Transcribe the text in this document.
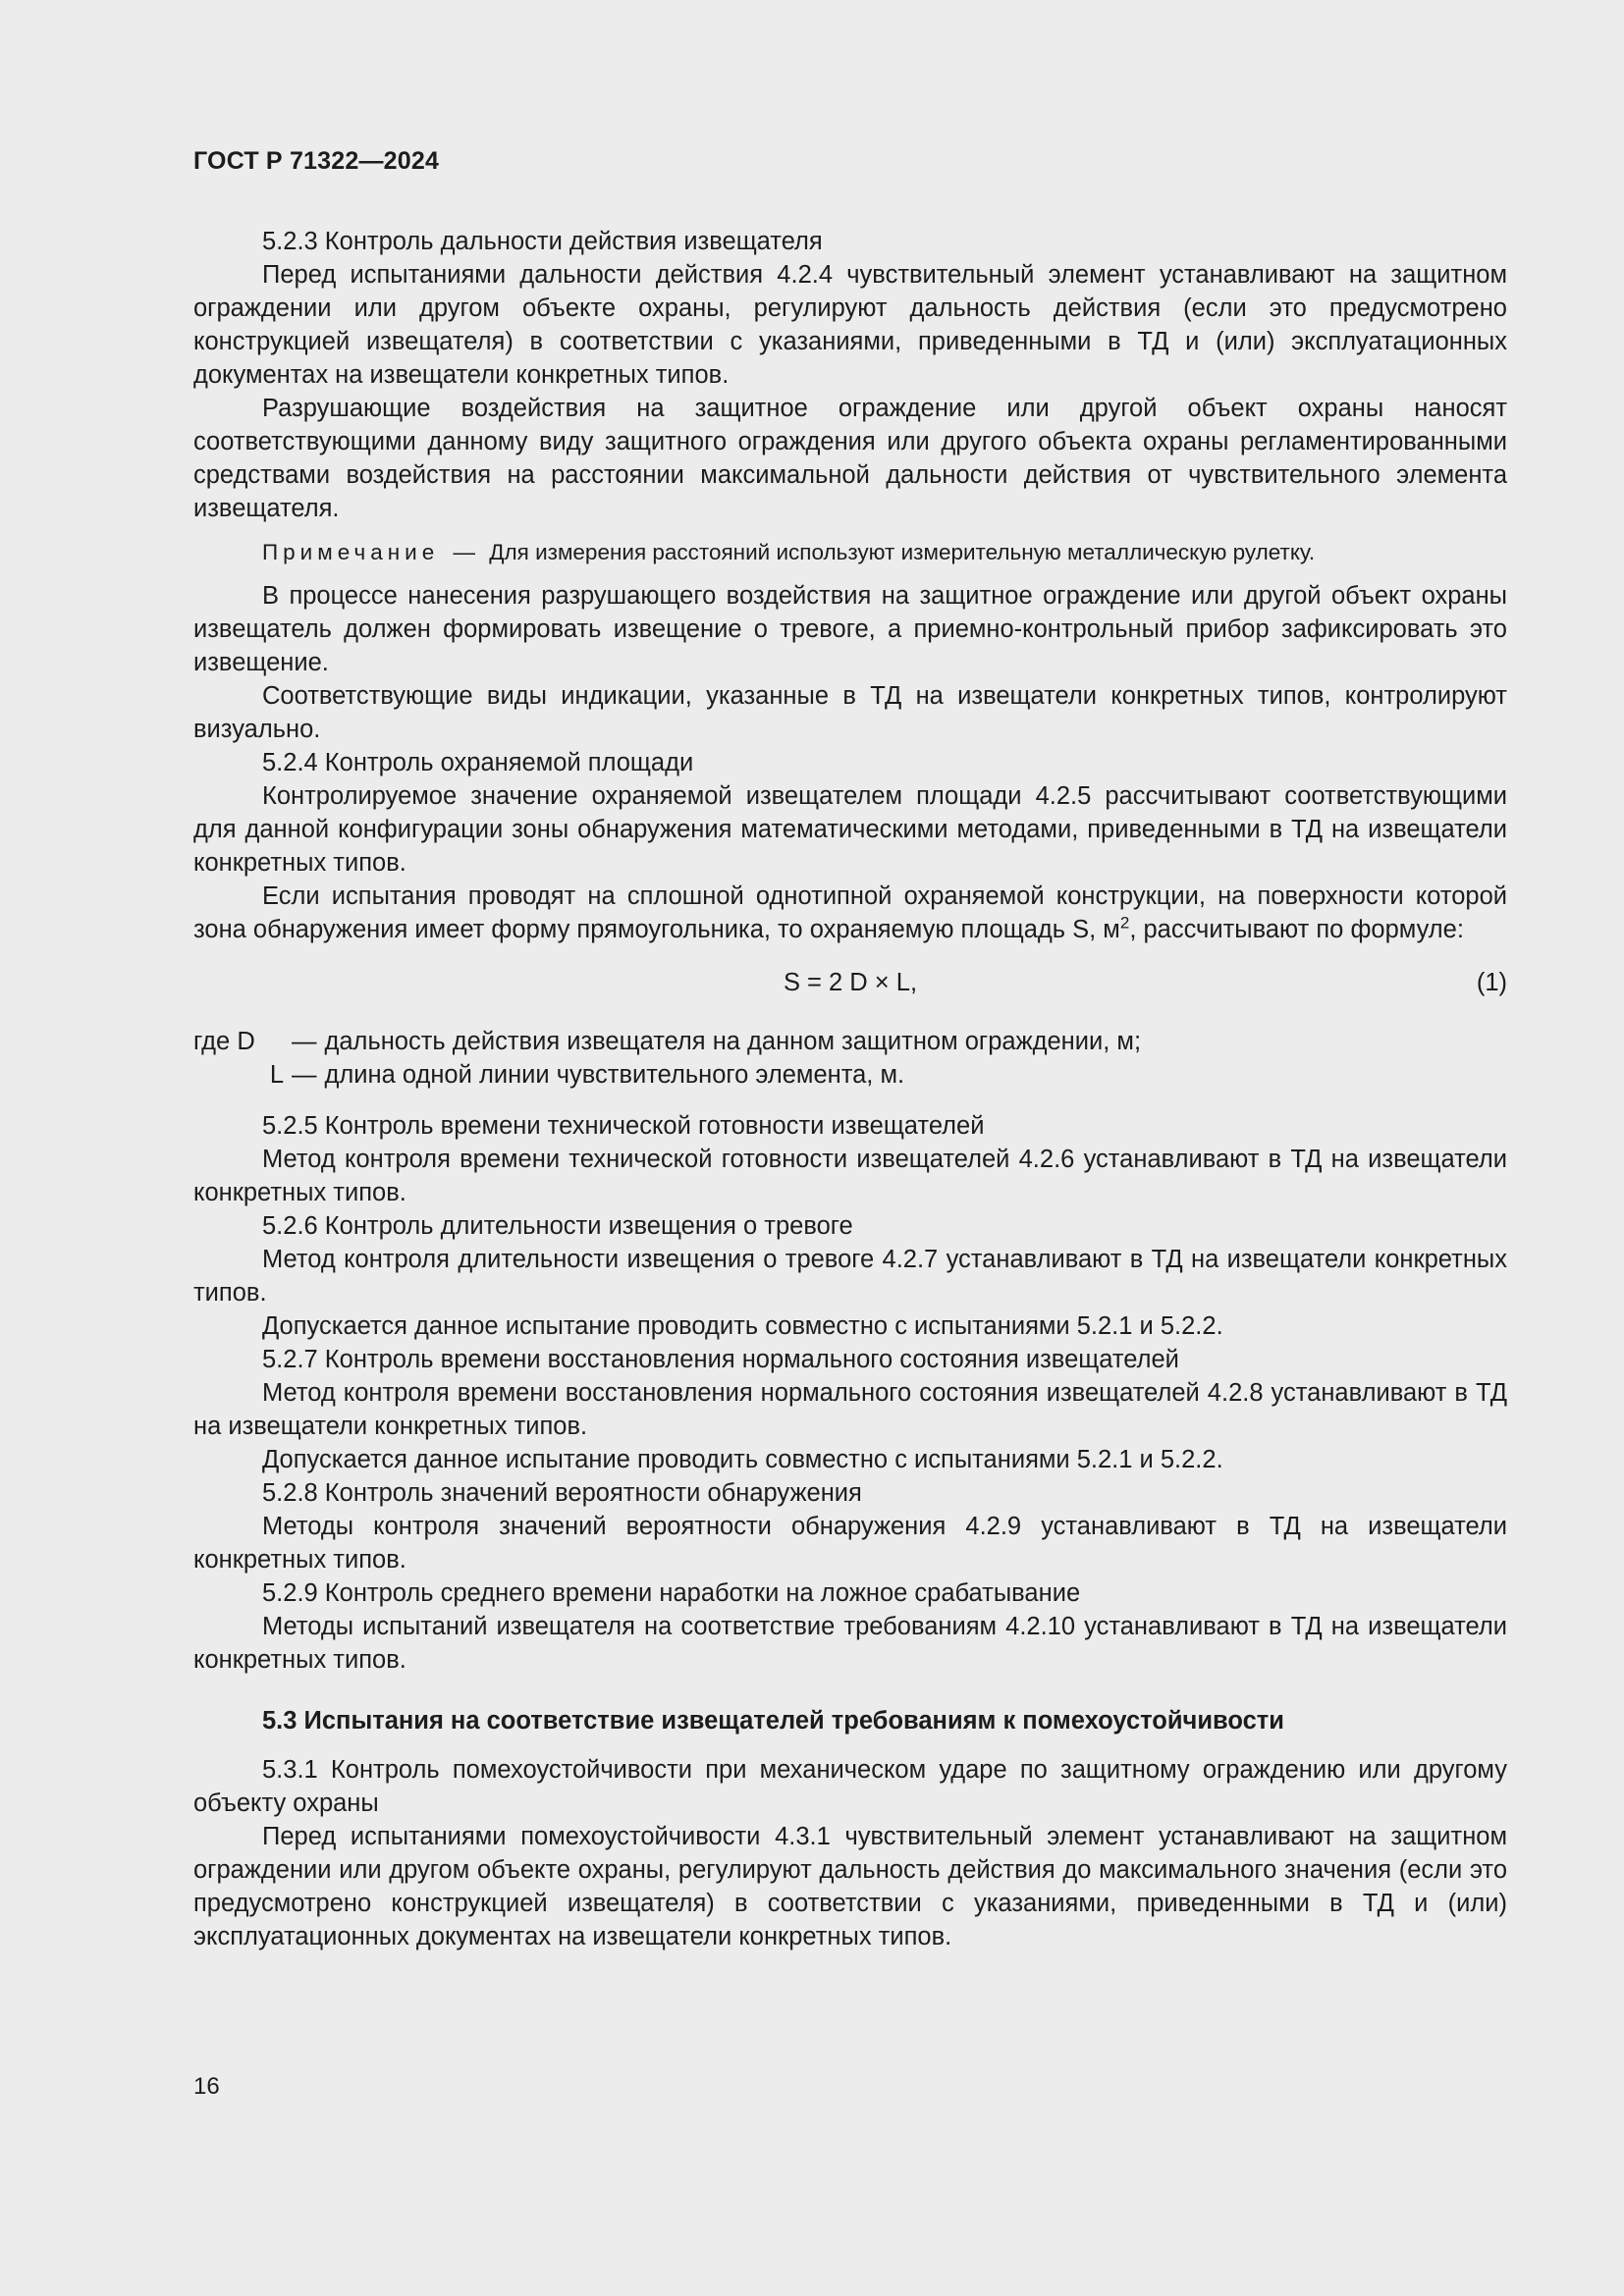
ГОСТ Р 71322—2024

5.2.3 Контроль дальности действия извещателя

Перед испытаниями дальности действия 4.2.4 чувствительный элемент устанавливают на защитном ограждении или другом объекте охраны, регулируют дальность действия (если это предусмотрено конструкцией извещателя) в соответствии с указаниями, приведенными в ТД и (или) эксплуатационных документах на извещатели конкретных типов.

Разрушающие воздействия на защитное ограждение или другой объект охраны наносят соответствующими данному виду защитного ограждения или другого объекта охраны регламентированными средствами воздействия на расстоянии максимальной дальности действия от чувствительного элемента извещателя.

Примечание — Для измерения расстояний используют измерительную металлическую рулетку.

В процессе нанесения разрушающего воздействия на защитное ограждение или другой объект охраны извещатель должен формировать извещение о тревоге, а приемно-контрольный прибор зафиксировать это извещение.

Соответствующие виды индикации, указанные в ТД на извещатели конкретных типов, контролируют визуально.

5.2.4 Контроль охраняемой площади

Контролируемое значение охраняемой извещателем площади 4.2.5 рассчитывают соответствующими для данной конфигурации зоны обнаружения математическими методами, приведенными в ТД на извещатели конкретных типов.

Если испытания проводят на сплошной однотипной охраняемой конструкции, на поверхности которой зона обнаружения имеет форму прямоугольника, то охраняемую площадь S, $м^2$, рассчитывают по формуле:

S = 2 D × L,	(1)
где D	— дальность действия извещателя на данном защитном ограждении, м;
L — длина одной линии чувствительного элемента, м.

5.2.5 Контроль времени технической готовности извещателей

Метод контроля времени технической готовности извещателей 4.2.6 устанавливают в ТД на извещатели конкретных типов.

5.2.6 Контроль длительности извещения о тревоге

Метод контроля длительности извещения о тревоге 4.2.7 устанавливают в ТД на извещатели конкретных типов.

Допускается данное испытание проводить совместно с испытаниями 5.2.1 и 5.2.2.

5.2.7 Контроль времени восстановления нормального состояния извещателей

Метод контроля времени восстановления нормального состояния извещателей 4.2.8 устанавливают в ТД на извещатели конкретных типов.

Допускается данное испытание проводить совместно с испытаниями 5.2.1 и 5.2.2.

5.2.8 Контроль значений вероятности обнаружения

Методы контроля значений вероятности обнаружения 4.2.9 устанавливают в ТД на извещатели конкретных типов.

5.2.9 Контроль среднего времени наработки на ложное срабатывание

Методы испытаний извещателя на соответствие требованиям 4.2.10 устанавливают в ТД на извещатели конкретных типов.

5.3 Испытания на соответствие извещателей требованиям к помехоустойчивости

5.3.1 Контроль помехоустойчивости при механическом ударе по защитному ограждению или другому объекту охраны

Перед испытаниями помехоустойчивости 4.3.1 чувствительный элемент устанавливают на защитном ограждении или другом объекте охраны, регулируют дальность действия до максимального значения (если это предусмотрено конструкцией извещателя) в соответствии с указаниями, приведенными в ТД и (или) эксплуатационных документах на извещатели конкретных типов.

16
